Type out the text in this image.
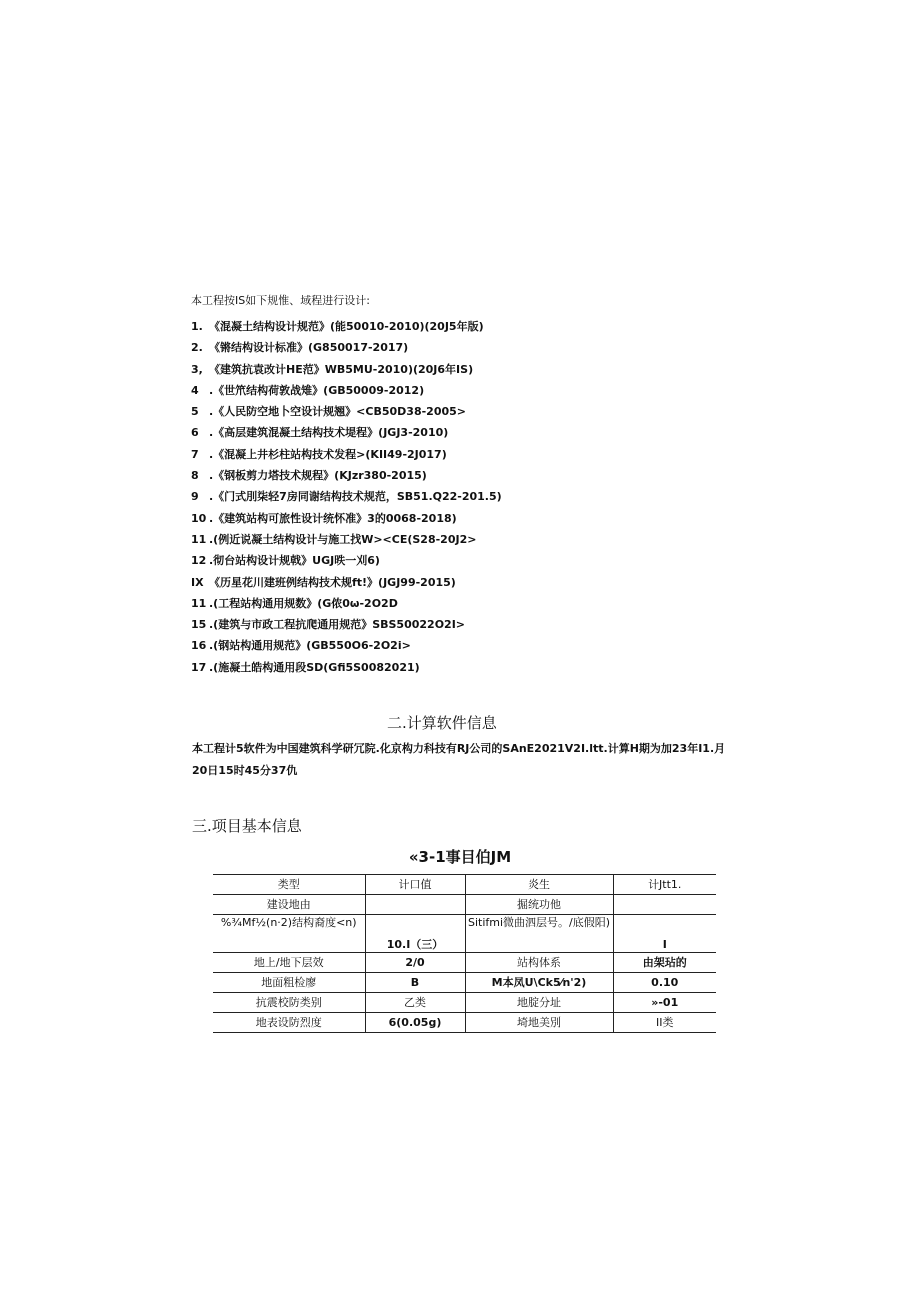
本工程按IS如下规惟、域程进行设计:
1. 《混凝土结构设计规范》(能50010-2010)(20J5年版)
2. 《锵结构设计标准》(G850017-2017)
3, 《建筑抗袁改计HE范》WB5MU-2010)(20J6年IS)
4 .《世笊结构荷敦战雉》(GB50009-2012)
5 .《人民防空地卜空设计规翘》<CB50D38-2005>
6 .《高层建筑混凝土结构技术堤程》(JGJ3-2010)
7 .《混凝上井杉柱站构技术发程>(KII49-2J017)
8 .《钢板剪力塔技术规程》(KJzr380-2015)
9 .《门式刖柒轻7房同谢结构技术规范，SB51.Q22-201.5)
10 .《建筑站构可旅性设计统怀准》3的0068-2018)
11 .(例近说凝土结构设计与施工找W><CE(S28-20J2>
12 .彻台站构设计规戟》UGJ昳一刈6)
IX 《历星花川建班例结构技术规ft!》(JGJ99-2015)
11 .(工程站构通用规数》(G侬0ω-2O2D
15 .(建筑与市政工程抗爬通用规范》SBS50022O2I>
16 .(钢站构通用规范》(GB550O6-2O2i>
17 .(施凝土皓构通用段SD(Gfi5S0082021)
二.计算软件信息
本工程计5软件为中国建筑科学研冗院.化京构力科技有RJ公司的SAnE2021V2I.ltt.计算H期为加23年I1.月20日15时45分37仇
三.项目基本信息
«3-1事目伯JM
类型	计口值	炎生	计Jtt1.
建设地由		掘统功他	
%¾Mf½(n·2)结构裔度<n)	10.I（三）	Sitifmi微曲泗层号。/底假阳)	I
地上/地下层效	2/0	站构体系	由架玷的
地面粗检廖	B	M本凤U\Ck5⁄n'2)	0.10
抗震校防类别	乙类	地腚分址	»-01
地表设防烈度	6(0.05g)	埼地美別	II类
